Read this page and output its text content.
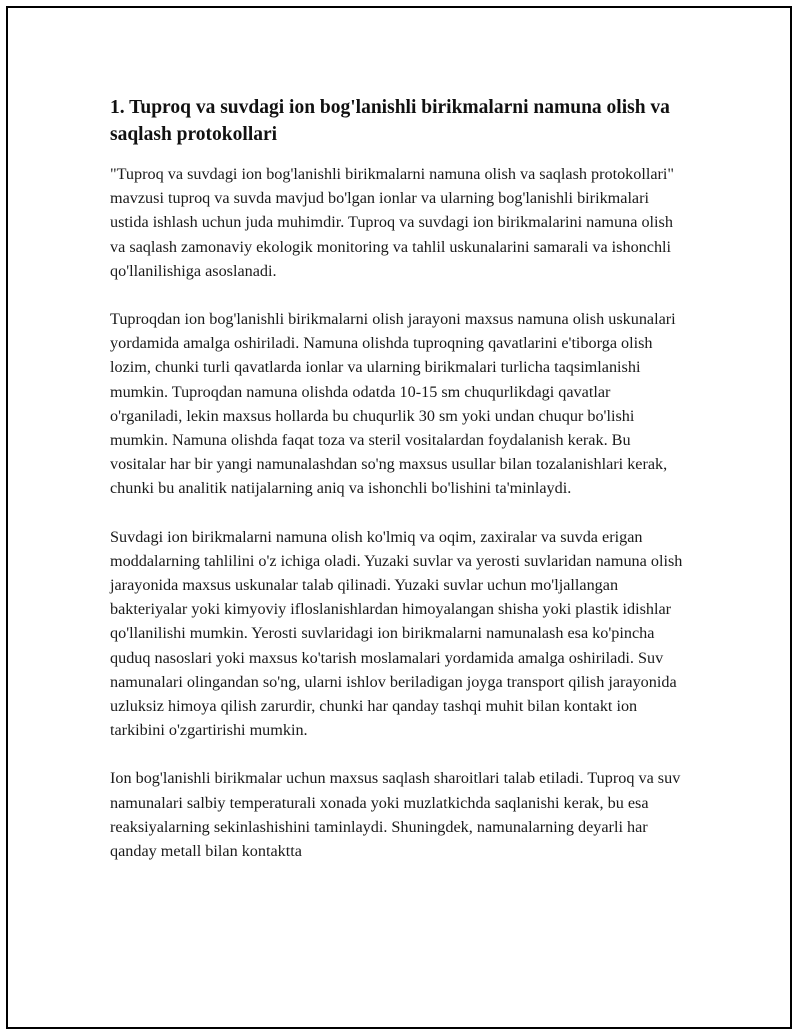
1. Tuproq va suvdagi ion bog'lanishli birikmalarni namuna olish va saqlash protokollari

"Tuproq va suvdagi ion bog'lanishli birikmalarni namuna olish va saqlash protokollari" mavzusi tuproq va suvda mavjud bo'lgan ionlar va ularning bog'lanishli birikmalari ustida ishlash uchun juda muhimdir. Tuproq va suvdagi ion birikmalarini namuna olish va saqlash zamonaviy ekologik monitoring va tahlil uskunalarini samarali va ishonchli qo'llanilishiga asoslanadi.

Tuproqdan ion bog'lanishli birikmalarni olish jarayoni maxsus namuna olish uskunalari yordamida amalga oshiriladi. Namuna olishda tuproqning qavatlarini e'tiborga olish lozim, chunki turli qavatlarda ionlar va ularning birikmalari turlicha taqsimlanishi mumkin. Tuproqdan namuna olishda odatda 10-15 sm chuqurlikdagi qavatlar o'rganiladi, lekin maxsus hollarda bu chuqurlik 30 sm yoki undan chuqur bo'lishi mumkin. Namuna olishda faqat toza va steril vositalardan foydalanish kerak. Bu vositalar har bir yangi namunalashdan so'ng maxsus usullar bilan tozalanishlari kerak, chunki bu analitik natijalarning aniq va ishonchli bo'lishini ta'minlaydi.

Suvdagi ion birikmalarni namuna olish ko'lmiq va oqim, zaxiralar va suvda erigan moddalarning tahlilini o'z ichiga oladi. Yuzaki suvlar va yerosti suvlaridan namuna olish jarayonida maxsus uskunalar talab qilinadi. Yuzaki suvlar uchun mo'ljallangan bakteriyalar yoki kimyoviy ifloslanishlardan himoyalangan shisha yoki plastik idishlar qo'llanilishi mumkin. Yerosti suvlaridagi ion birikmalarni namunalash esa ko'pincha quduq nasoslari yoki maxsus ko'tarish moslamalari yordamida amalga oshiriladi. Suv namunalari olingandan so'ng, ularni ishlov beriladigan joyga transport qilish jarayonida uzluksiz himoya qilish zarurdir, chunki har qanday tashqi muhit bilan kontakt ion tarkibini o'zgartirishi mumkin.

Ion bog'lanishli birikmalar uchun maxsus saqlash sharoitlari talab etiladi. Tuproq va suv namunalari salbiy temperaturali xonada yoki muzlatkichda saqlanishi kerak, bu esa reaksiyalarning sekinlashishini taminlaydi. Shuningdek, namunalarning deyarli har qanday metall bilan kontaktta
